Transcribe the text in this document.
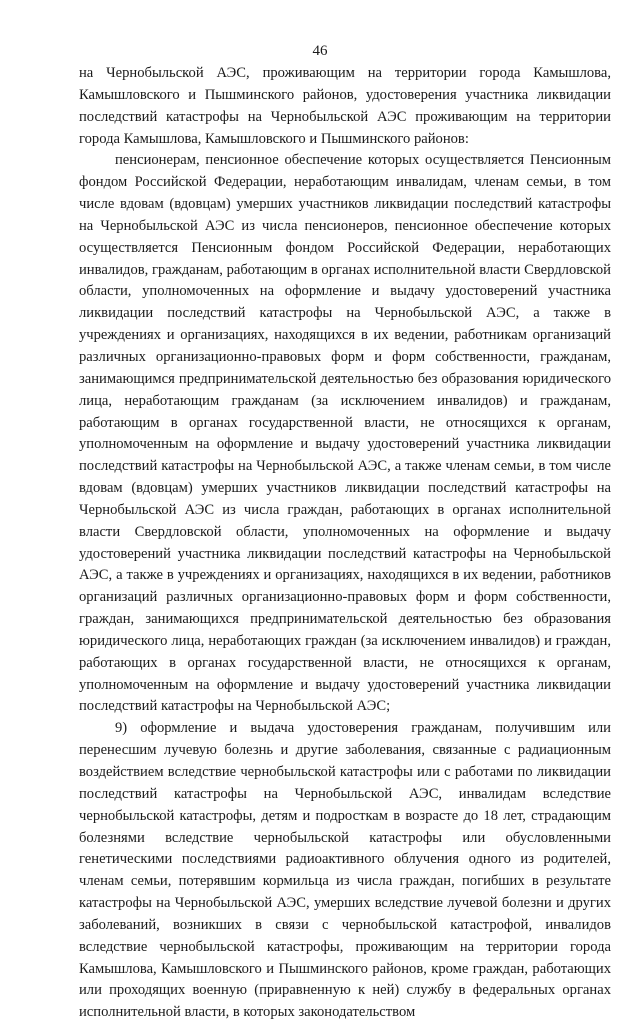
46

на Чернобыльской АЭС, проживающим на территории города Камышлова, Камышловского и Пышминского районов, удостоверения участника ликвидации последствий катастрофы на Чернобыльской АЭС проживающим на территории города Камышлова, Камышловского и Пышминского районов:

пенсионерам, пенсионное обеспечение которых осуществляется Пенсионным фондом Российской Федерации, неработающим инвалидам, членам семьи, в том числе вдовам (вдовцам) умерших участников ликвидации последствий катастрофы на Чернобыльской АЭС из числа пенсионеров, пенсионное обеспечение которых осуществляется Пенсионным фондом Российской Федерации, неработающих инвалидов, гражданам, работающим в органах исполнительной власти Свердловской области, уполномоченных на оформление и выдачу удостоверений участника ликвидации последствий катастрофы на Чернобыльской АЭС, а также в учреждениях и организациях, находящихся в их ведении, работникам организаций различных организационно-правовых форм и форм собственности, гражданам, занимающимся предпринимательской деятельностью без образования юридического лица, неработающим гражданам (за исключением инвалидов) и гражданам, работающим в органах государственной власти, не относящихся к органам, уполномоченным на оформление и выдачу удостоверений участника ликвидации последствий катастрофы на Чернобыльской АЭС, а также членам семьи, в том числе вдовам (вдовцам) умерших участников ликвидации последствий катастрофы на Чернобыльской АЭС из числа граждан, работающих в органах исполнительной власти Свердловской области, уполномоченных на оформление и выдачу удостоверений участника ликвидации последствий катастрофы на Чернобыльской АЭС, а также в учреждениях и организациях, находящихся в их ведении, работников организаций различных организационно-правовых форм и форм собственности, граждан, занимающихся предпринимательской деятельностью без образования юридического лица, неработающих граждан (за исключением инвалидов) и граждан, работающих в органах государственной власти, не относящихся к органам, уполномоченным на оформление и выдачу удостоверений участника ликвидации последствий катастрофы на Чернобыльской АЭС;

9) оформление и выдача удостоверения гражданам, получившим или перенесшим лучевую болезнь и другие заболевания, связанные с радиационным воздействием вследствие чернобыльской катастрофы или с работами по ликвидации последствий катастрофы на Чернобыльской АЭС, инвалидам вследствие чернобыльской катастрофы, детям и подросткам в возрасте до 18 лет, страдающим болезнями вследствие чернобыльской катастрофы или обусловленными генетическими последствиями радиоактивного облучения одного из родителей, членам семьи, потерявшим кормильца из числа граждан, погибших в результате катастрофы на Чернобыльской АЭС, умерших вследствие лучевой болезни и других заболеваний, возникших в связи с чернобыльской катастрофой, инвалидов вследствие чернобыльской катастрофы, проживающим на территории города Камышлова, Камышловского и Пышминского районов, кроме граждан, работающих или проходящих военную (приравненную к ней) службу в федеральных органах исполнительной власти, в которых законодательством
